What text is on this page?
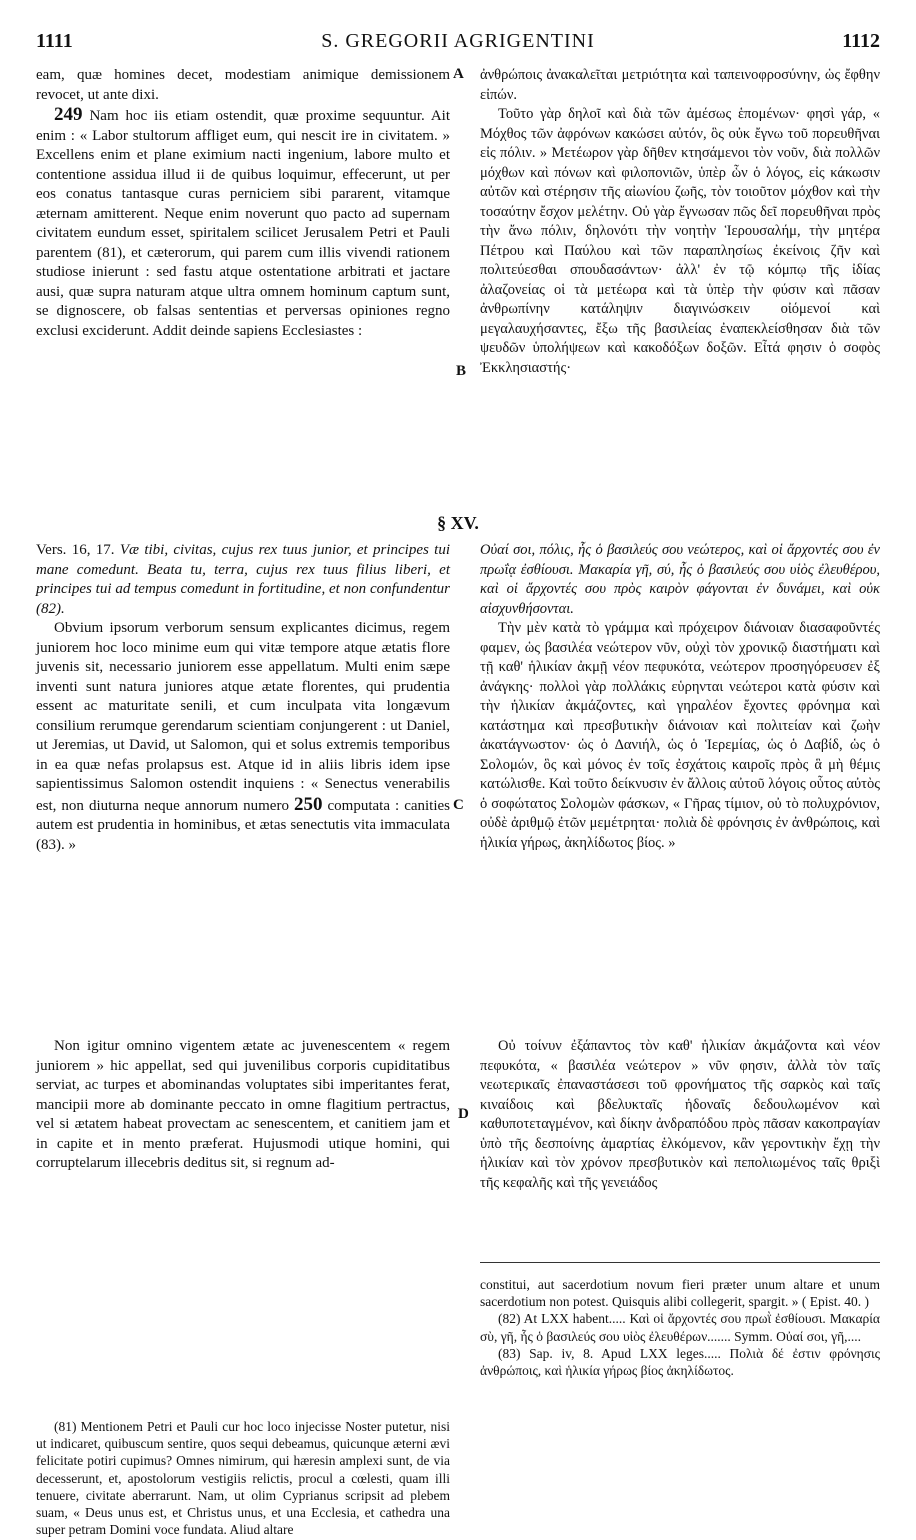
1111	S. GREGORII AGRIGENTINI	1112

eam, quæ homines decet, modestiam animique demissionem revocet, ut ante dixi.

249 Nam hoc iis etiam ostendit, quæ proxime sequuntur. Ait enim : « Labor stultorum affliget eum, qui nescit ire in civitatem. » Excellens enim et plane eximium nacti ingenium, labore multo et contentione assidua illud ii de quibus loquimur, effecerunt, ut per eos conatus tantasque curas perniciem sibi pararent, vitamque æternam amitterent. Neque enim noverunt quo pacto ad supernam civitatem eundum esset, spiritalem scilicet Jerusalem Petri et Pauli parentem (81), et cæterorum, qui parem cum illis vivendi rationem studiose inierunt : sed fastu atque ostentatione arbitrati et jactare ausi, quæ supra naturam atque ultra omnem hominum captum sunt, se dignoscere, ob falsas sententias et perversas opiniones regno exclusi exciderunt. Addit deinde sapiens Ecclesiastes :

A ἀνθρώποις ἀνακαλεῖται μετριότητα καὶ ταπεινοφροσύνην, ὡς ἔφθην εἰπών.

Τοῦτο γὰρ δηλοῖ καὶ διὰ τῶν ἀμέσως ἑπομένων· φησὶ γάρ, « Μόχθος τῶν ἀφρόνων κακώσει αὐτόν, ὃς οὐκ ἔγνω τοῦ πορευθῆναι εἰς πόλιν. » Μετέωρον γὰρ δῆθεν κτησάμενοι τὸν νοῦν, διὰ πολλῶν μόχθων καὶ πόνων καὶ φιλοπονιῶν, ὑπὲρ ὧν ὁ λόγος, εἰς κάκωσιν αὐτῶν καὶ στέρησιν τῆς αἰωνίου ζωῆς, τὸν τοιοῦτον μόχθον καὶ τὴν τοσαύτην ἔσχον μελέτην. Οὐ γὰρ ἔγνωσαν πῶς δεῖ πορευθῆναι πρὸς τὴν ἄνω πόλιν, δηλονότι τὴν νοητὴν Ἱερουσαλήμ, τὴν μητέρα Πέτρου καὶ Παύλου καὶ τῶν παραπλησίως ἐκείνοις ζῆν καὶ πολιτεύεσθαι σπουδασάντων· ἀλλ' ἐν τῷ κόμπῳ τῆς ἰδίας ἀλαζονείας οἱ τὰ μετέωρα καὶ τὰ ὑπὲρ τὴν φύσιν καὶ πᾶσαν ἀνθρωπίνην κατάληψιν διαγινώσκειν οἰόμενοί καὶ μεγαλαυχήσαντες, ἔξω τῆς βασιλείας ἐναπεκλείσθησαν διὰ τῶν ψευδῶν ὑπολήψεων καὶ κακοδόξων δοξῶν. Εἶτά φησιν ὁ σοφὸς Ἐκκλησιαστής·

B
§ XV.

Vers. 16, 17. Væ tibi, civitas, cujus rex tuus junior, et principes tui mane comedunt. Beata tu, terra, cujus rex tuus filius liberi, et principes tui ad tempus comedunt in fortitudine, et non confundentur (82).

Obvium ipsorum verborum sensum explicantes dicimus, regem juniorem hoc loco minime eum qui vitæ tempore atque ætatis flore juvenis sit, necessario juniorem esse appellatum. Multi enim sæpe inventi sunt natura juniores atque ætate florentes, qui prudentia essent ac maturitate senili, et cum inculpata vita longævum consilium rerumque gerendarum scientiam conjungerent : ut Daniel, ut Jeremias, ut David, ut Salomon, qui et solus extremis temporibus in ea quæ nefas prolapsus est. Atque id in aliis libris idem ipse sapientissimus Salomon ostendit inquiens : « Senectus venerabilis est, non diuturna neque annorum numero 250 computata : canities autem est prudentia in hominibus, et ætas senectutis vita immaculata (83). »

Οὐαί σοι, πόλις, ἧς ὁ βασιλεύς σου νεώτερος, καὶ οἱ ἄρχοντές σου ἐν πρωΐᾳ ἐσθίουσι. Μακαρία γῆ, σύ, ἧς ὁ βασιλεύς σου υἱὸς ἐλευθέρου, καὶ οἱ ἄρχοντές σου πρὸς καιρὸν φάγονται ἐν δυνάμει, καὶ οὐκ αἰσχυνθήσονται.

Τὴν μὲν κατὰ τὸ γράμμα καὶ πρόχειρον διάνοιαν διασαφοῦντές φαμεν, ὡς βασιλέα νεώτερον νῦν, οὐχὶ τὸν χρονικῷ διαστήματι καὶ τῇ καθ' ἡλικίαν ἀκμῇ νέον πεφυκότα, νεώτερον προσηγόρευσεν ἐξ ἀνάγκης· πολλοὶ γὰρ πολλάκις εὑρηνται νεώτεροι κατὰ φύσιν καὶ τὴν ἡλικίαν ἀκμάζοντες, καὶ γηραλέον ἔχοντες φρόνημα καὶ κατάστημα καὶ πρεσβυτικὴν διάνοιαν καὶ πολιτείαν καὶ ζωὴν ἀκατάγνωστον· ὡς ὁ Δανιήλ, ὡς ὁ Ἱερεμίας, ὡς ὁ Δαβίδ, ὡς ὁ Σολομών, ὃς καὶ μόνος ἐν τοῖς ἐσχάτοις καιροῖς πρὸς ἃ μὴ θέμις κατώλισθε. Καὶ τοῦτο δείκνυσιν ἐν ἄλλοις αὐτοῦ λόγοις οὗτος αὐτὸς ὁ σοφώτατος Σολομὼν φάσκων, « Γῆρας τίμιον, οὐ τὸ πολυχρόνιον, οὐδὲ ἀριθμῷ ἐτῶν μεμέτρηται· πολιὰ δὲ φρόνησις ἐν ἀνθρώποις, καὶ ἡλικία γήρως, ἀκηλίδωτος βίος. »

C

Non igitur omnino vigentem ætate ac juvenescentem « regem juniorem » hic appellat, sed qui juvenilibus corporis cupiditatibus serviat, ac turpes et abominandas voluptates sibi imperitantes ferat, mancipii more ab dominante peccato in omne flagitium pertractus, vel si ætatem habeat provectam ac senescentem, et canitiem jam et in capite et in mento præferat. Hujusmodi utique homini, qui corruptelarum illecebris deditus sit, si regnum ad-

D

Οὐ τοίνυν ἐξάπαντος τὸν καθ' ἡλικίαν ἀκμάζοντα καὶ νέον πεφυκότα, « βασιλέα νεώτερον » νῦν φησιν, ἀλλὰ τὸν ταῖς νεωτερικαῖς ἐπαναστάσεσι τοῦ φρονήματος τῆς σαρκὸς καὶ ταῖς κιναίδοις καὶ βδελυκταῖς ἡδοναῖς δεδουλωμένον καὶ καθυποτεταγμένον, καὶ δίκην ἀνδραπόδου πρὸς πᾶσαν κακοπραγίαν ὑπὸ τῆς δεσποίνης ἁμαρτίας ἑλκόμενον, κἂν γεροντικὴν ἔχῃ τὴν ἡλικίαν καὶ τὸν χρόνον πρεσβυτικὸν καὶ πεπολιωμένος ταῖς θριξὶ τῆς κεφαλῆς καὶ τῆς γενειάδος

(81) Mentionem Petri et Pauli cur hoc loco injecisse Noster putetur, nisi ut indicaret, quibuscum sentire, quos sequi debeamus, quicunque æterni ævi felicitate potiri cupimus? Omnes nimirum, qui hæresin amplexi sunt, de via decesserunt, et, apostolorum vestigiis relictis, procul a cœlesti, quam illi tenuere, civitate aberrarunt. Nam, ut olim Cyprianus scripsit ad plebem suam, « Deus unus est, et Christus unus, et una Ecclesia, et cathedra una super petram Domini voce fundata. Aliud altare

constitui, aut sacerdotium novum fieri præter unum altare et unum sacerdotium non potest. Quisquis alibi collegerit, spargit. » ( Epist. 40. )

(82) At LXX habent..... Καὶ οἱ ἄρχοντές σου πρωῒ ἐσθίουσι. Μακαρία σὺ, γῆ, ἧς ὁ βασιλεύς σου υἱὸς ἐλευθέρων....... Symm. Οὐαί σοι, γῆ,....

(83) Sap. iv, 8. Apud LXX leges..... Πολιὰ δέ ἐστιν φρόνησις ἀνθρώποις, καὶ ἡλικία γήρως βίος ἀκηλίδωτος.
